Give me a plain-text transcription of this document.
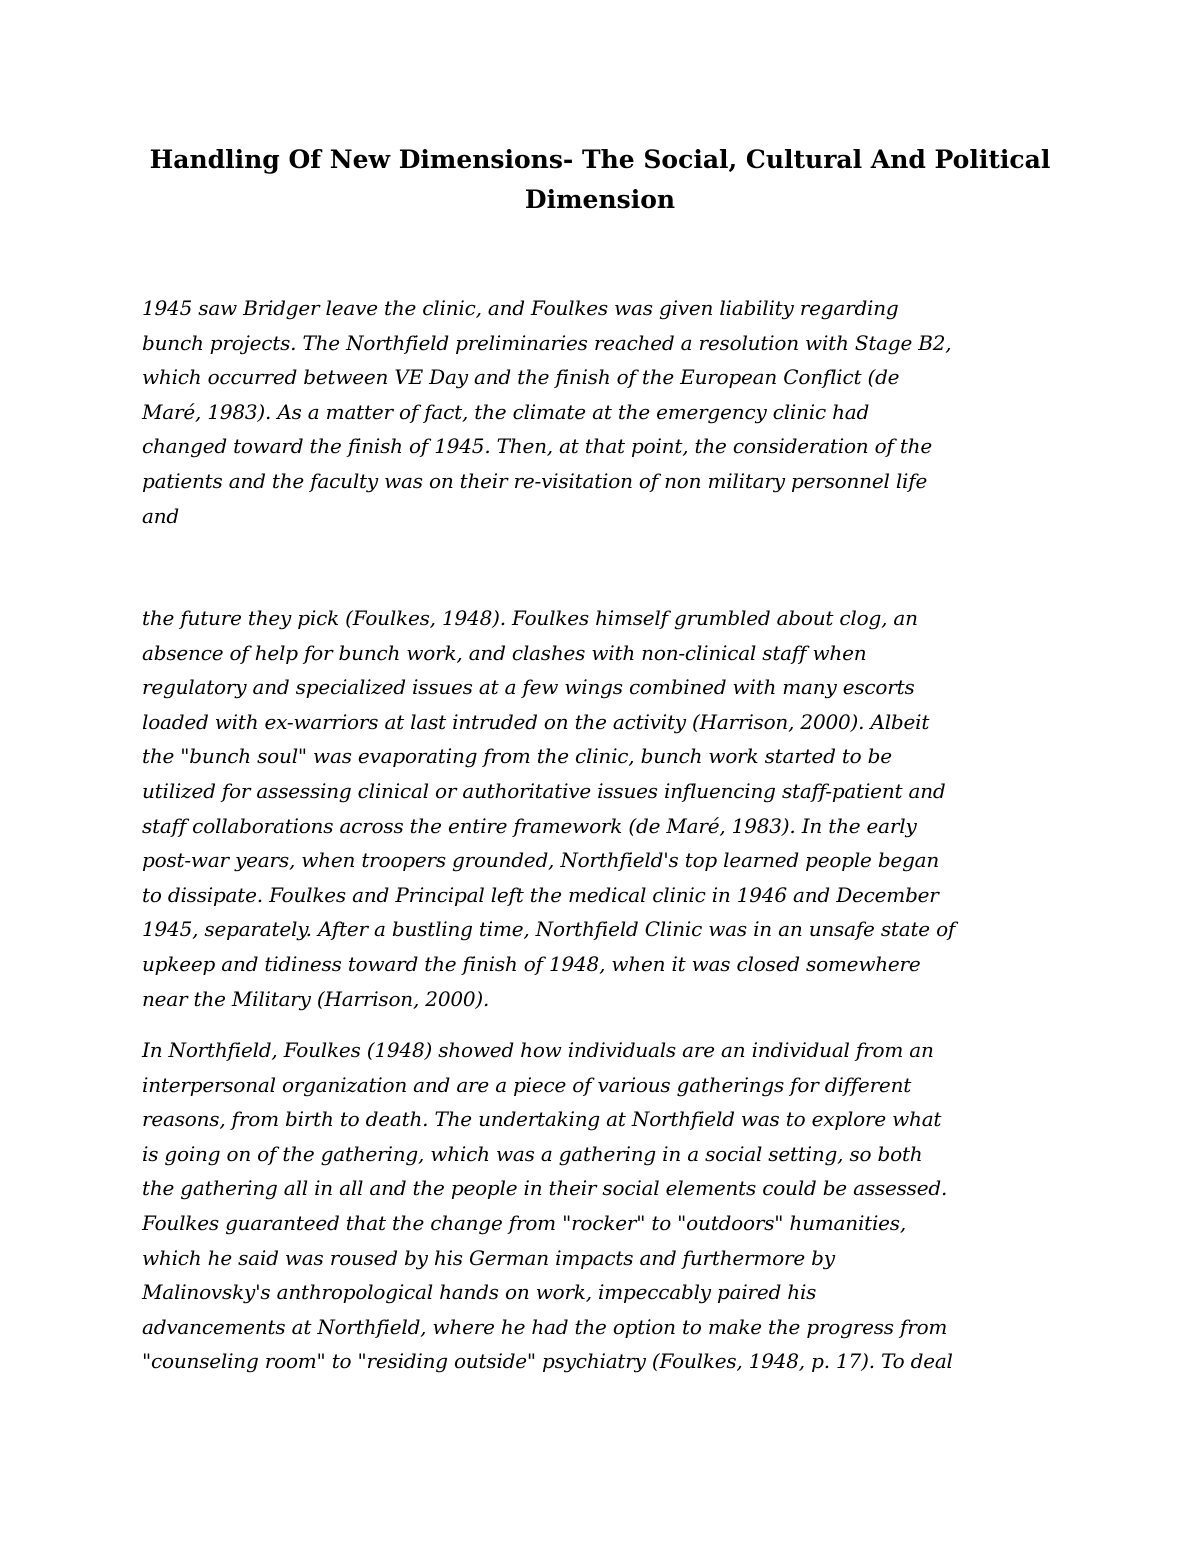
Handling Of New Dimensions- The Social, Cultural And Political
Dimension

1945 saw Bridger leave the clinic, and Foulkes was given liability regarding
bunch projects. The Northfield preliminaries reached a resolution with Stage B2,
which occurred between VE Day and the finish of the European Conflict (de
Maré, 1983). As a matter of fact, the climate at the emergency clinic had
changed toward the finish of 1945. Then, at that point, the consideration of the
patients and the faculty was on their re-visitation of non military personnel life
and

the future they pick (Foulkes, 1948). Foulkes himself grumbled about clog, an
absence of help for bunch work, and clashes with non-clinical staff when
regulatory and specialized issues at a few wings combined with many escorts
loaded with ex-warriors at last intruded on the activity (Harrison, 2000). Albeit
the "bunch soul" was evaporating from the clinic, bunch work started to be
utilized for assessing clinical or authoritative issues influencing staff-patient and
staff collaborations across the entire framework (de Maré, 1983). In the early
post-war years, when troopers grounded, Northfield's top learned people began
to dissipate. Foulkes and Principal left the medical clinic in 1946 and December
1945, separately. After a bustling time, Northfield Clinic was in an unsafe state of
upkeep and tidiness toward the finish of 1948, when it was closed somewhere
near the Military (Harrison, 2000).

In Northfield, Foulkes (1948) showed how individuals are an individual from an
interpersonal organization and are a piece of various gatherings for different
reasons, from birth to death. The undertaking at Northfield was to explore what
is going on of the gathering, which was a gathering in a social setting, so both
the gathering all in all and the people in their social elements could be assessed.
Foulkes guaranteed that the change from "rocker" to "outdoors" humanities,
which he said was roused by his German impacts and furthermore by
Malinovsky's anthropological hands on work, impeccably paired his
advancements at Northfield, where he had the option to make the progress from
"counseling room" to "residing outside" psychiatry (Foulkes, 1948, p. 17). To deal
